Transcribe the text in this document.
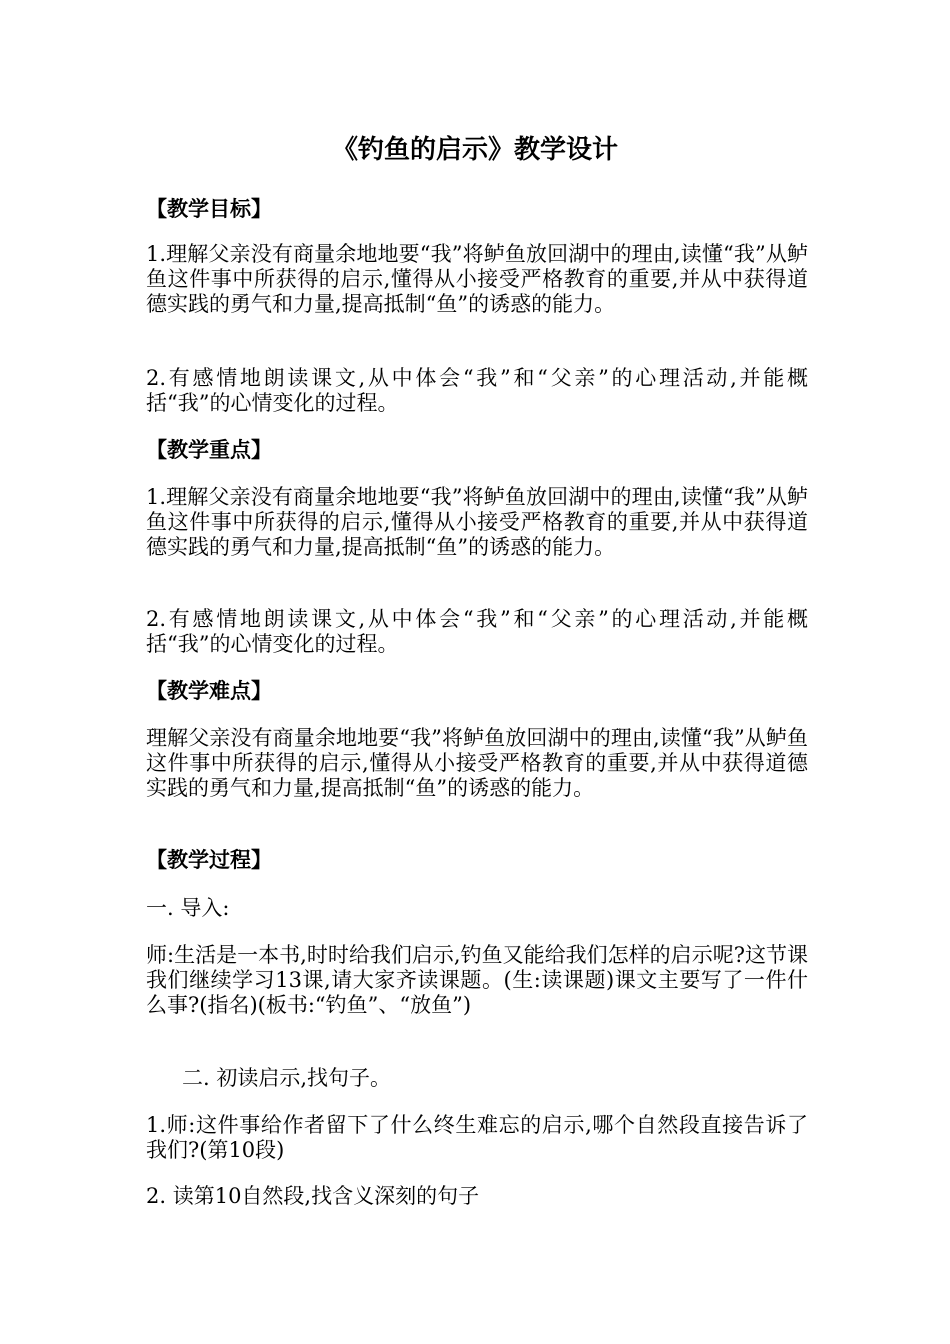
《钓鱼的启示》教学设计
【教学目标】
1.理解父亲没有商量余地地要“我”将鲈鱼放回湖中的理由,读懂“我”从鲈鱼这件事中所获得的启示,懂得从小接受严格教育的重要,并从中获得道德实践的勇气和力量,提高抵制“鱼”的诱惑的能力。
2.有感情地朗读课文,从中体会“我”和“父亲”的心理活动,并能概括“我”的心情变化的过程。
【教学重点】
1.理解父亲没有商量余地地要“我”将鲈鱼放回湖中的理由,读懂“我”从鲈鱼这件事中所获得的启示,懂得从小接受严格教育的重要,并从中获得道德实践的勇气和力量,提高抵制“鱼”的诱惑的能力。
2.有感情地朗读课文,从中体会“我”和“父亲”的心理活动,并能概括“我”的心情变化的过程。
【教学难点】
理解父亲没有商量余地地要“我”将鲈鱼放回湖中的理由,读懂“我”从鲈鱼这件事中所获得的启示,懂得从小接受严格教育的重要,并从中获得道德实践的勇气和力量,提高抵制“鱼”的诱惑的能力。
【教学过程】
一. 导入:
师:生活是一本书,时时给我们启示,钓鱼又能给我们怎样的启示呢?这节课我们继续学习13课,请大家齐读课题。(生:读课题)课文主要写了一件什么事?(指名)(板书:“钓鱼”、“放鱼”)
二. 初读启示,找句子。
1.师:这件事给作者留下了什么终生难忘的启示,哪个自然段直接告诉了我们?(第10段)
2. 读第10自然段,找含义深刻的句子
